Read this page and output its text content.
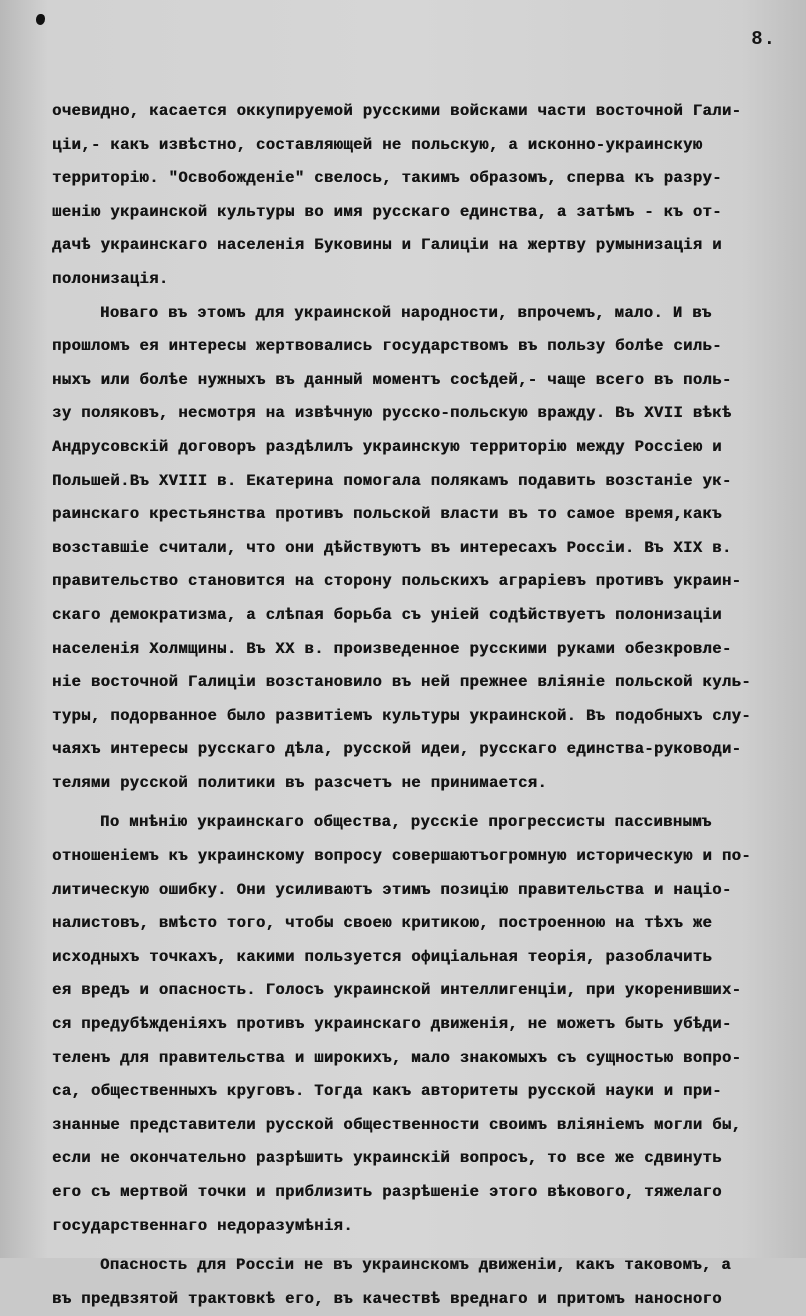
8.
очевидно, касается оккупируемой русскими войсками части восточной Гали-
ціи,- какъ извѣстно, составляющей не польскую, а исконно-украинскую
территорію. "Освобожденіе" свелось, такимъ образомъ, сперва къ разру-
шенію украинской культуры во имя русскаго единства, а затѣмъ - къ от-
дачѣ украинскаго населенія Буковины и Галиціи на жертву румынизація и
полонизація.
Новаго въ этомъ для украинской народности, впрочемъ, мало. И въ
прошломъ ея интересы жертвовались государствомъ въ пользу болѣе силь-
ныхъ или болѣе нужныхъ въ данный моментъ сосѣдей,- чаще всего въ поль-
зу поляковъ, несмотря на извѣчную русско-польскую вражду. Въ XVII вѣкѣ
Андрусовскій договоръ раздѣлилъ украинскую территорію между Россіею и
Польшей.Въ XVIII в. Екатерина помогала полякамъ подавить возстаніе ук-
раинскаго крестьянства противъ польской власти въ то самое время,какъ
возставшіе считали, что они дѣйствуютъ въ интересахъ Россіи. Въ XIX в.
правительство становится на сторону польскихъ аграріевъ противъ украин-
скаго демократизма, а слѣпая борьба съ уніей содѣйствуетъ полонизаціи
населенія Холмщины. Въ XX в. произведенное русскими руками обезкровле-
ніе восточной Галиціи возстановило въ ней прежнее вліяніе польской куль-
туры, подорванное было развитіемъ культуры украинской. Въ подобныхъ слу-
чаяхъ интересы русскаго дѣла, русской идеи, русскаго единства-руководи-
телями русской политики въ разсчетъ не принимается.
По мнѣнію украинскаго общества, русскіе прогрессисты пассивнымъ
отношеніемъ къ украинскому вопросу совершаютъогромную историческую и по-
литическую ошибку. Они усиливаютъ этимъ позицію правительства и націо-
налистовъ, вмѣсто того, чтобы своею критикою, построенною на тѣхъ же
исходныхъ точкахъ, какими пользуется офиціальная теорія, разоблачить
ея вредъ и опасность. Голосъ украинской интеллигенціи, при укоренивших-
ся предубѣжденіяхъ противъ украинскаго движенія, не можетъ быть убѣди-
теленъ для правительства и широкихъ, мало знакомыхъ съ сущностью вопро-
са, общественныхъ круговъ. Тогда какъ авторитеты русской науки и при-
знанные представители русской общественности своимъ вліяніемъ могли бы,
если не окончательно разрѣшить украинскій вопросъ, то все же сдвинуть
его съ мертвой точки и приблизить разрѣшеніе этого вѣкового, тяжелаго
государственнаго недоразумѣнія.
Опасность для Россіи не въ украинскомъ движеніи, какъ таковомъ, а
въ предвзятой трактовкѣ его, въ качествѣ вреднаго и притомъ наносного
